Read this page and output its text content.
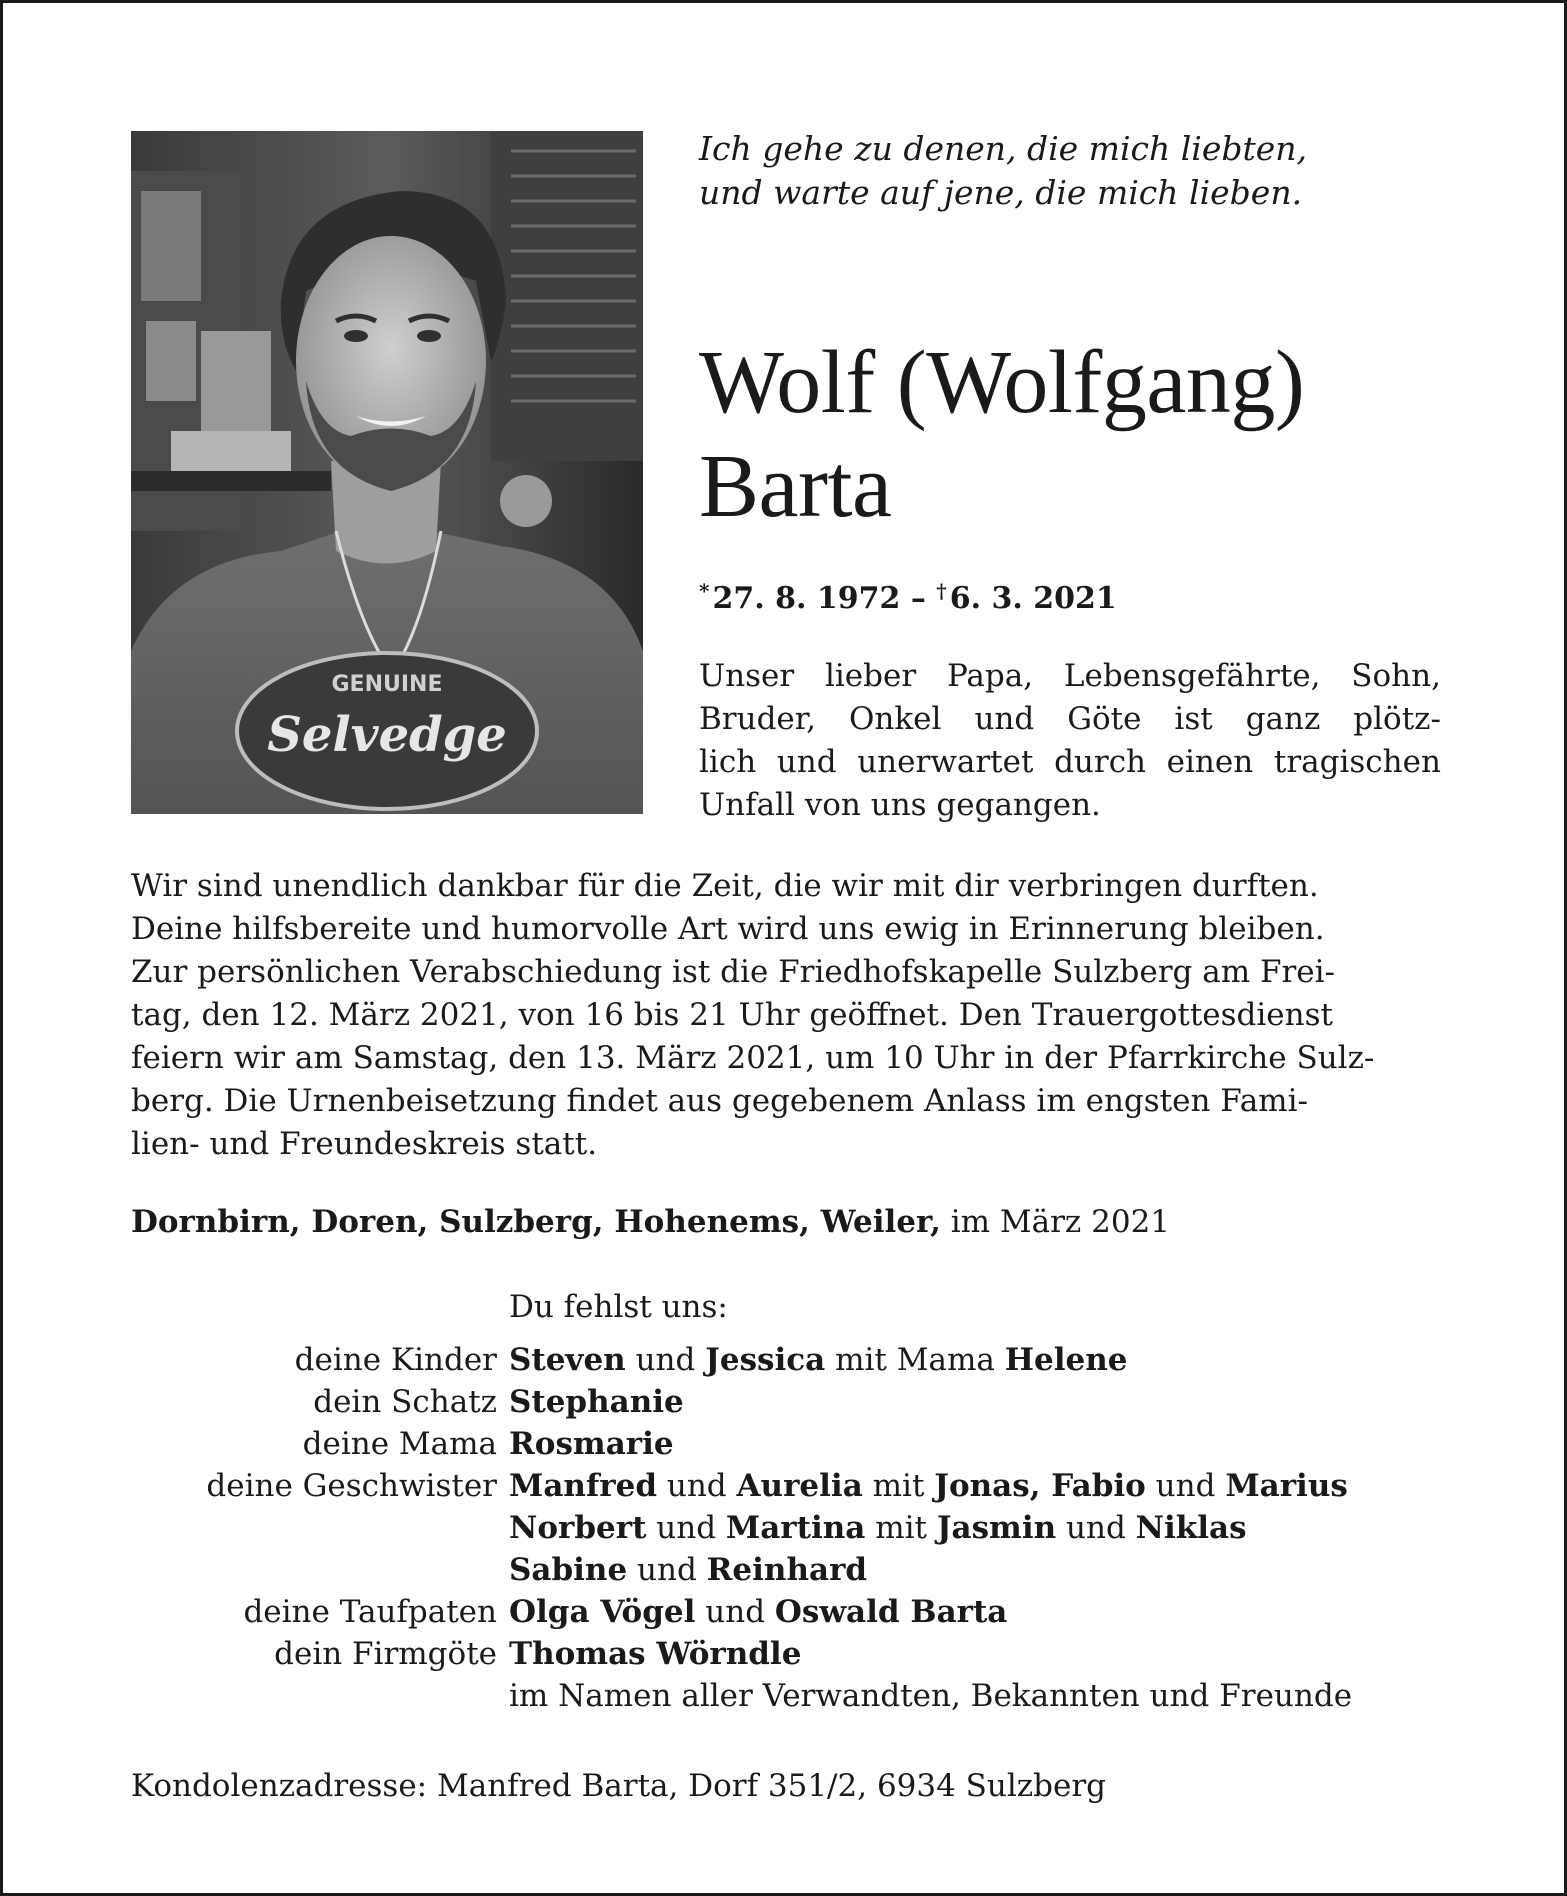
GENUINE
Selvedge
Ich gehe zu denen, die mich liebten,
und warte auf jene, die mich lieben.
Wolf (Wolfgang)
Barta
*  27. 8. 1972 – †  6. 3. 2021
Unser lieber Papa, Lebensgefährte, Sohn,
Bruder, Onkel und Göte ist ganz plötz-
lich und unerwartet durch einen tragischen
Unfall von uns gegangen.
Wir sind unendlich dankbar für die Zeit, die wir mit dir verbringen durften.
Deine hilfsbereite und humorvolle Art wird uns ewig in Erinnerung bleiben.
Zur persönlichen Verabschiedung ist die Friedhofskapelle Sulzberg am Frei-
tag, den 12. März 2021, von 16 bis 21 Uhr geöffnet. Den Trauergottesdienst
feiern wir am Samstag, den 13. März 2021, um 10 Uhr in der Pfarrkirche Sulz-
berg. Die Urnenbeisetzung findet aus gegebenem Anlass im engsten Fami-
lien- und Freundeskreis statt.
Dornbirn, Doren, Sulzberg, Hohenems, Weiler, im März 2021
Du fehlst uns:
deine Kinder Steven und Jessica mit Mama Helene
dein Schatz Stephanie
deine Mama Rosmarie
deine Geschwister Manfred und Aurelia mit Jonas, Fabio und Marius
Norbert und Martina mit Jasmin und Niklas
Sabine und Reinhard
deine Taufpaten Olga Vögel und Oswald Barta
dein Firmgöte Thomas Wörndle
im Namen aller Verwandten, Bekannten und Freunde
Kondolenzadresse: Manfred Barta, Dorf 351/2, 6934 Sulzberg
